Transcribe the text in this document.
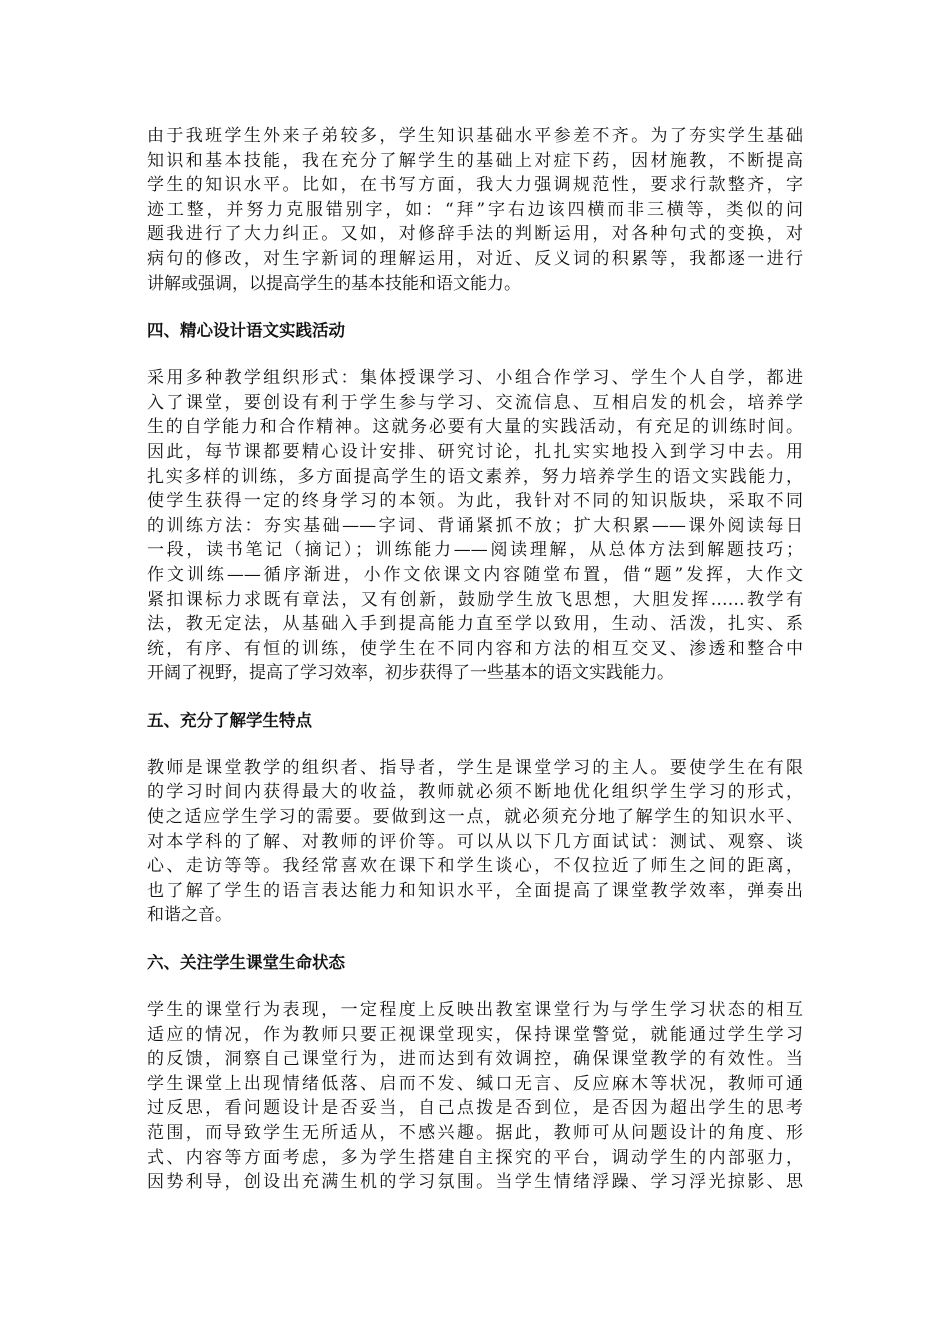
由于我班学生外来子弟较多，学生知识基础水平参差不齐。为了夯实学生基础
知识和基本技能，我在充分了解学生的基础上对症下药，因材施教，不断提高
学生的知识水平。比如，在书写方面，我大力强调规范性，要求行款整齐，字
迹工整，并努力克服错别字，如：“拜”字右边该四横而非三横等，类似的问
题我进行了大力纠正。又如，对修辞手法的判断运用，对各种句式的变换，对
病句的修改，对生字新词的理解运用，对近、反义词的积累等，我都逐一进行
讲解或强调，以提高学生的基本技能和语文能力。
四、精心设计语文实践活动
采用多种教学组织形式：集体授课学习、小组合作学习、学生个人自学，都进
入了课堂，要创设有利于学生参与学习、交流信息、互相启发的机会，培养学
生的自学能力和合作精神。这就务必要有大量的实践活动，有充足的训练时间。
因此，每节课都要精心设计安排、研究讨论，扎扎实实地投入到学习中去。用
扎实多样的训练，多方面提高学生的语文素养，努力培养学生的语文实践能力，
使学生获得一定的终身学习的本领。为此，我针对不同的知识版块，采取不同
的训练方法：夯实基础——字词、背诵紧抓不放；扩大积累——课外阅读每日
一段，读书笔记（摘记）；训练能力——阅读理解，从总体方法到解题技巧；
作文训练——循序渐进，小作文依课文内容随堂布置，借“题”发挥，大作文
紧扣课标力求既有章法，又有创新，鼓励学生放飞思想，大胆发挥……教学有
法，教无定法，从基础入手到提高能力直至学以致用，生动、活泼，扎实、系
统，有序、有恒的训练，使学生在不同内容和方法的相互交叉、渗透和整合中
开阔了视野，提高了学习效率，初步获得了一些基本的语文实践能力。
五、充分了解学生特点
教师是课堂教学的组织者、指导者，学生是课堂学习的主人。要使学生在有限
的学习时间内获得最大的收益，教师就必须不断地优化组织学生学习的形式，
使之适应学生学习的需要。要做到这一点，就必须充分地了解学生的知识水平、
对本学科的了解、对教师的评价等。可以从以下几方面试试：测试、观察、谈
心、走访等等。我经常喜欢在课下和学生谈心，不仅拉近了师生之间的距离，
也了解了学生的语言表达能力和知识水平，全面提高了课堂教学效率，弹奏出
和谐之音。
六、关注学生课堂生命状态
学生的课堂行为表现，一定程度上反映出教室课堂行为与学生学习状态的相互
适应的情况，作为教师只要正视课堂现实，保持课堂警觉，就能通过学生学习
的反馈，洞察自己课堂行为，进而达到有效调控，确保课堂教学的有效性。当
学生课堂上出现情绪低落、启而不发、缄口无言、反应麻木等状况，教师可通
过反思，看问题设计是否妥当，自己点拨是否到位，是否因为超出学生的思考
范围，而导致学生无所适从，不感兴趣。据此，教师可从问题设计的角度、形
式、内容等方面考虑，多为学生搭建自主探究的平台，调动学生的内部驱力，
因势利导，创设出充满生机的学习氛围。当学生情绪浮躁、学习浮光掠影、思
